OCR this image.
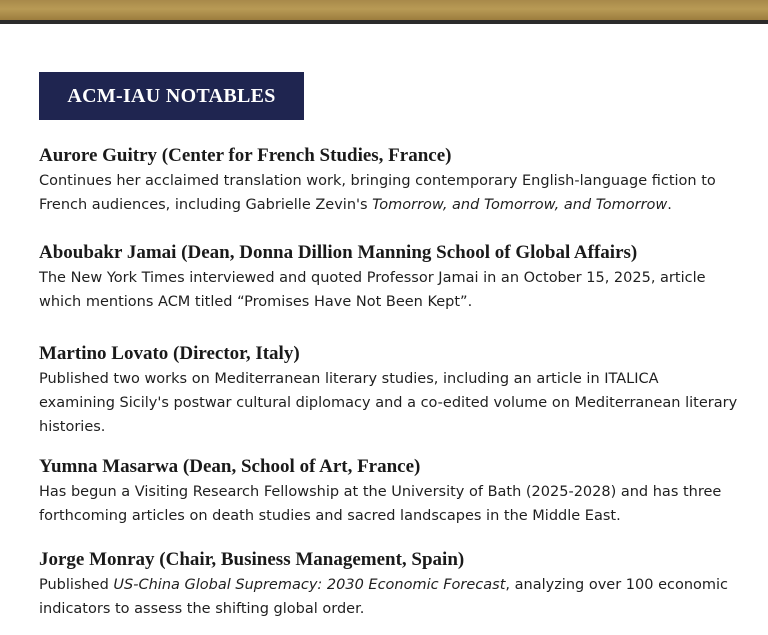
ACM-IAU NOTABLES
Aurore Guitry (Center for French Studies, France)
Continues her acclaimed translation work, bringing contemporary English-language fiction to French audiences, including Gabrielle Zevin's Tomorrow, and Tomorrow, and Tomorrow.
Aboubakr Jamai (Dean, Donna Dillion Manning School of Global Affairs)
The New York Times interviewed and quoted Professor Jamai in an October 15, 2025, article which mentions ACM titled “Promises Have Not Been Kept”.
Martino Lovato (Director, Italy)
Published two works on Mediterranean literary studies, including an article in ITALICA examining Sicily's postwar cultural diplomacy and a co-edited volume on Mediterranean literary histories.
Yumna Masarwa (Dean, School of Art, France)
Has begun a Visiting Research Fellowship at the University of Bath (2025-2028) and has three forthcoming articles on death studies and sacred landscapes in the Middle East.
Jorge Monray (Chair, Business Management, Spain)
Published US-China Global Supremacy: 2030 Economic Forecast, analyzing over 100 economic indicators to assess the shifting global order.
